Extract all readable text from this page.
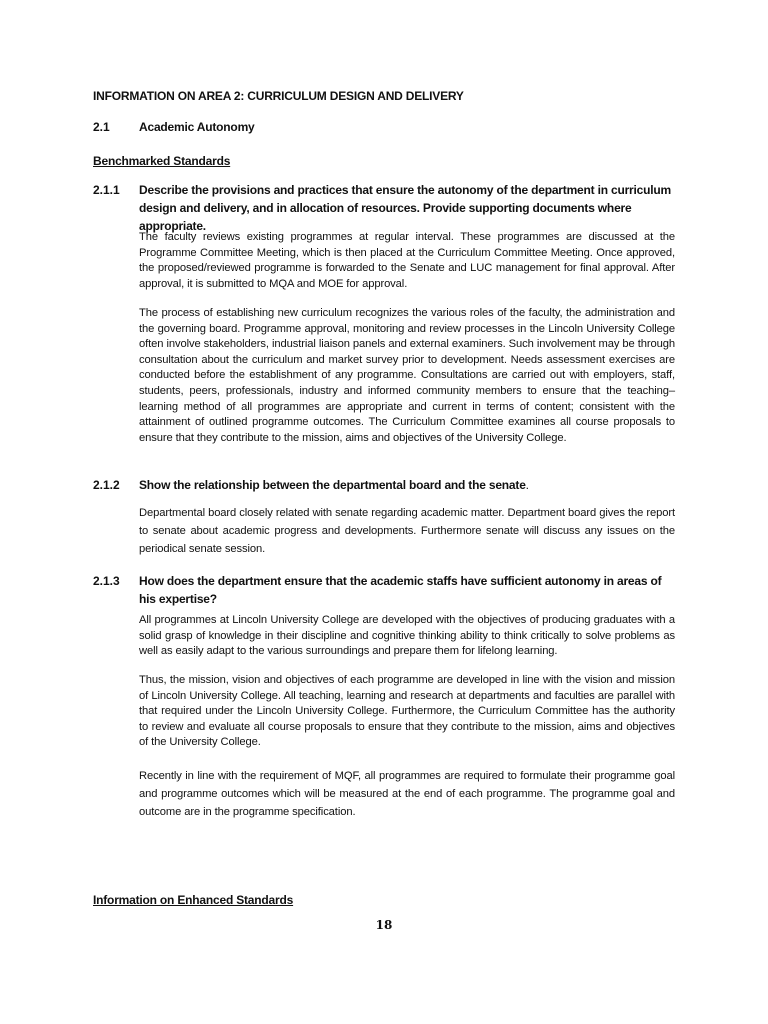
INFORMATION ON AREA 2: CURRICULUM DESIGN AND DELIVERY
2.1 Academic Autonomy
Benchmarked Standards
2.1.1 Describe the provisions and practices that ensure the autonomy of the department in curriculum design and delivery, and in allocation of resources. Provide supporting documents where appropriate.
The faculty reviews existing programmes at regular interval. These programmes are discussed at the Programme Committee Meeting, which is then placed at the Curriculum Committee Meeting. Once approved, the proposed/reviewed programme is forwarded to the Senate and LUC management for final approval. After approval, it is submitted to MQA and MOE for approval.
The process of establishing new curriculum recognizes the various roles of the faculty, the administration and the governing board. Programme approval, monitoring and review processes in the Lincoln University College often involve stakeholders, industrial liaison panels and external examiners. Such involvement may be through consultation about the curriculum and market survey prior to development. Needs assessment exercises are conducted before the establishment of any programme. Consultations are carried out with employers, staff, students, peers, professionals, industry and informed community members to ensure that the teaching–learning method of all programmes are appropriate and current in terms of content; consistent with the attainment of outlined programme outcomes. The Curriculum Committee examines all course proposals to ensure that they contribute to the mission, aims and objectives of the University College.
2.1.2 Show the relationship between the departmental board and the senate.
Departmental board closely related with senate regarding academic matter. Department board gives the report to senate about academic progress and developments. Furthermore senate will discuss any issues on the periodical senate session.
2.1.3 How does the department ensure that the academic staffs have sufficient autonomy in areas of his expertise?
All programmes at Lincoln University College are developed with the objectives of producing graduates with a solid grasp of knowledge in their discipline and cognitive thinking ability to think critically to solve problems as well as easily adapt to the various surroundings and prepare them for lifelong learning.
Thus, the mission, vision and objectives of each programme are developed in line with the vision and mission of Lincoln University College. All teaching, learning and research at departments and faculties are parallel with that required under the Lincoln University College. Furthermore, the Curriculum Committee has the authority to review and evaluate all course proposals to ensure that they contribute to the mission, aims and objectives of the University College.
Recently in line with the requirement of MQF, all programmes are required to formulate their programme goal and programme outcomes which will be measured at the end of each programme. The programme goal and outcome are in the programme specification.
Information on Enhanced Standards
18
